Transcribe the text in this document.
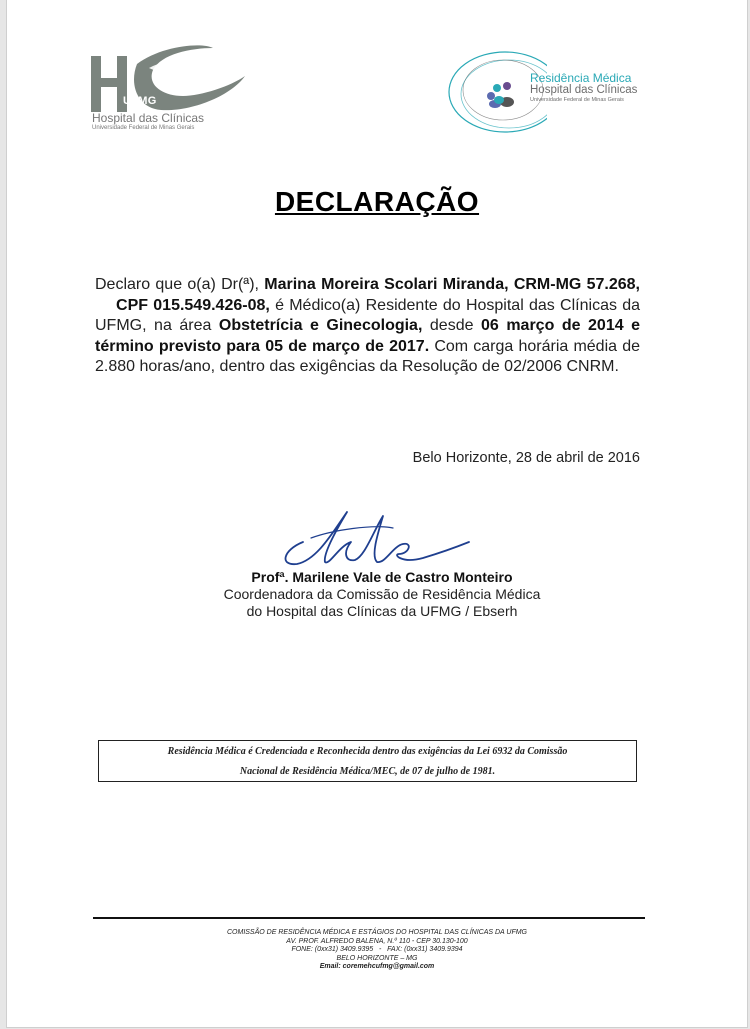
UFMG
Hospital das Clínicas
Universidade Federal de Minas Gerais
Residência Médica
Hospital das Clínicas
Universidade Federal de Minas Gerais
DECLARAÇÃO
Declaro que o(a) Dr(ª), Marina Moreira Scolari Miranda, CRM-MG 57.268,    CPF 015.549.426-08, é Médico(a) Residente do Hospital das Clínicas da UFMG, na área Obstetrícia e Ginecologia, desde 06 março de 2014 e término previsto para 05 de março de 2017. Com carga horária média de 2.880 horas/ano, dentro das exigências da Resolução de 02/2006 CNRM.
Belo Horizonte, 28 de abril de 2016
Profª. Marilene Vale de Castro Monteiro
Coordenadora da Comissão de Residência Médica
do Hospital das Clínicas da UFMG / Ebserh
Residência Médica é Credenciada e Reconhecida dentro das exigências da Lei 6932 da Comissão
Nacional de Residência Médica/MEC, de 07 de julho de 1981.
COMISSÃO DE RESIDÊNCIA MÉDICA E ESTÁGIOS DO HOSPITAL DAS CLÍNICAS DA UFMG
AV. PROF. ALFREDO BALENA, N.º 110 - CEP 30.130-100
FONE: (0xx31) 3409.9395   -   FAX: (0xx31) 3409.9394
BELO HORIZONTE – MG
Email: coremehcufmg@gmail.com
